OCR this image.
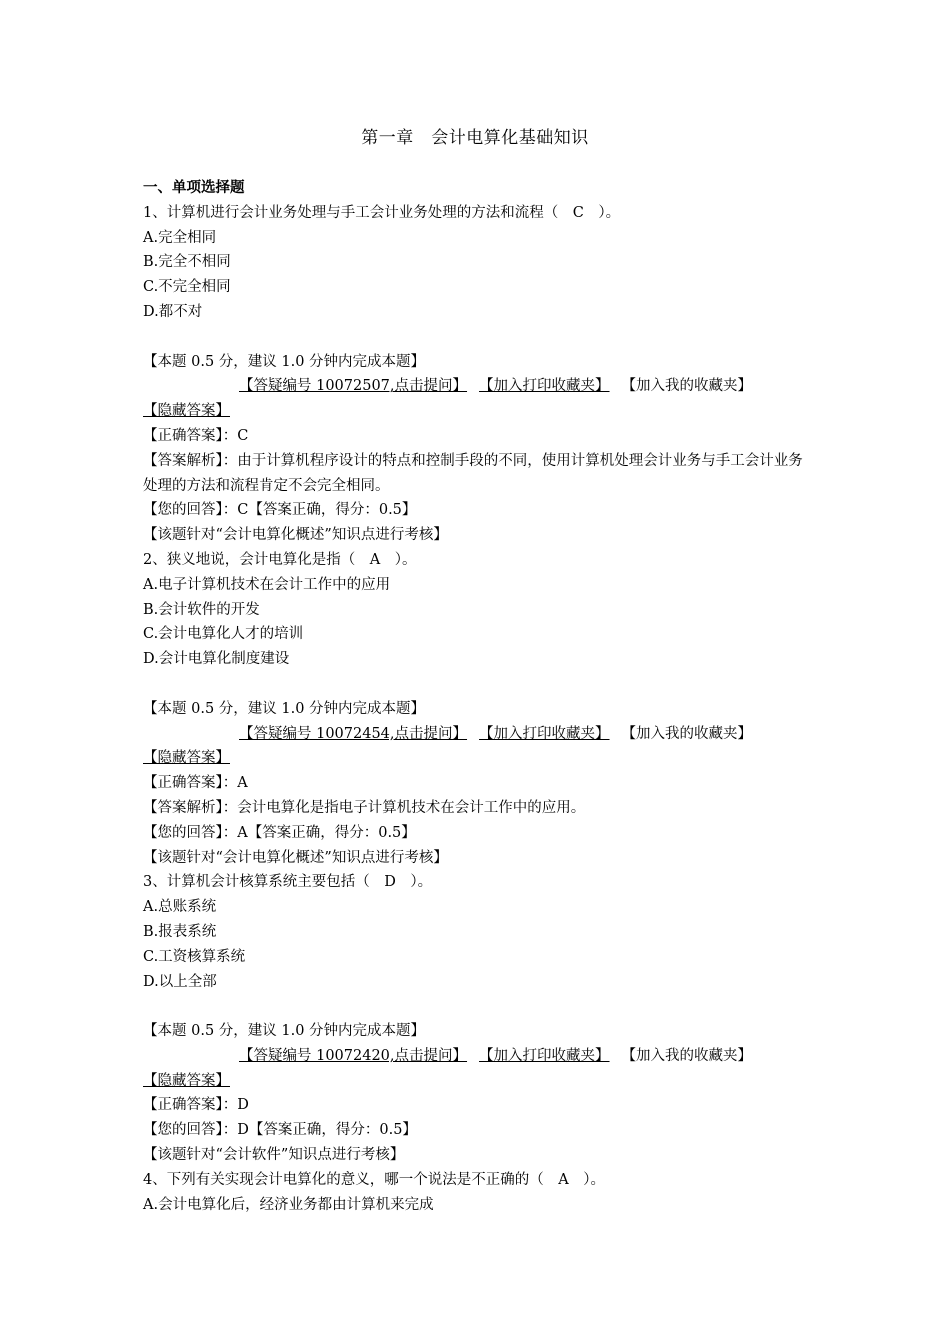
第一章　会计电算化基础知识
一、单项选择题
1、计算机进行会计业务处理与手工会计业务处理的方法和流程（　C　）。
A.完全相同
B.完全不相同
C.不完全相同
D.都不对
【本题 0.5 分，建议 1.0 分钟内完成本题】
【答疑编号 10072507,点击提问】 【加入打印收藏夹】 【加入我的收藏夹】
【隐藏答案】
【正确答案】：C
【答案解析】：由于计算机程序设计的特点和控制手段的不同，使用计算机处理会计业务与手工会计业务处理的方法和流程肯定不会完全相同。
【您的回答】：C【答案正确，得分：0.5】
【该题针对“会计电算化概述”知识点进行考核】
2、狭义地说，会计电算化是指（　A　）。
A.电子计算机技术在会计工作中的应用
B.会计软件的开发
C.会计电算化人才的培训
D.会计电算化制度建设
【本题 0.5 分，建议 1.0 分钟内完成本题】
【答疑编号 10072454,点击提问】 【加入打印收藏夹】 【加入我的收藏夹】
【隐藏答案】
【正确答案】：A
【答案解析】：会计电算化是指电子计算机技术在会计工作中的应用。
【您的回答】：A【答案正确，得分：0.5】
【该题针对“会计电算化概述”知识点进行考核】
3、计算机会计核算系统主要包括（　D　）。
A.总账系统
B.报表系统
C.工资核算系统
D.以上全部
【本题 0.5 分，建议 1.0 分钟内完成本题】
【答疑编号 10072420,点击提问】 【加入打印收藏夹】 【加入我的收藏夹】
【隐藏答案】
【正确答案】：D
【您的回答】：D【答案正确，得分：0.5】
【该题针对“会计软件”知识点进行考核】
4、下列有关实现会计电算化的意义，哪一个说法是不正确的（　A　）。
A.会计电算化后，经济业务都由计算机来完成
